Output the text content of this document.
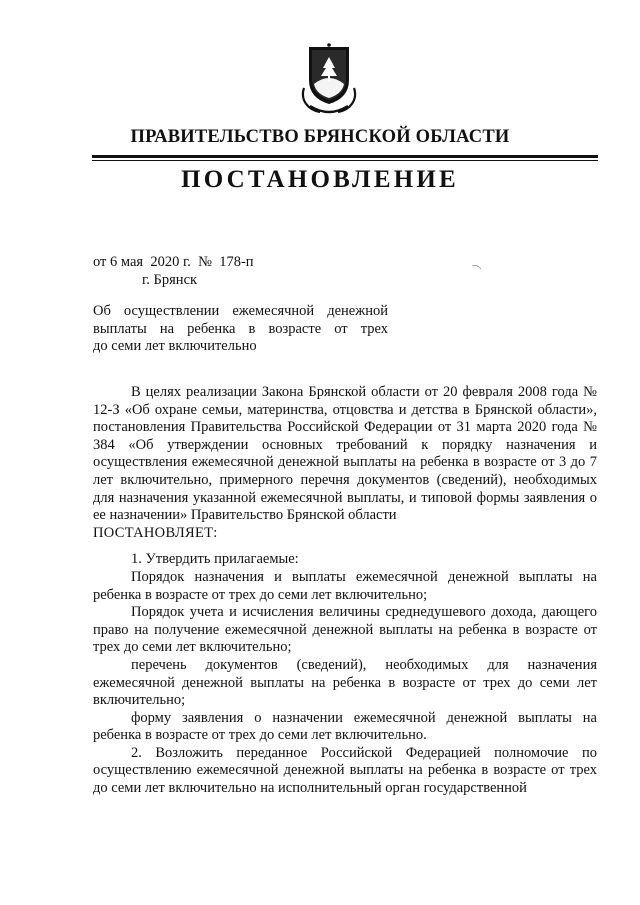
ПРАВИТЕЛЬСТВО БРЯНСКОЙ ОБЛАСТИ
ПОСТАНОВЛЕНИЕ
от 6 мая  2020 г.  №  178-п
г. Брянск
Об осуществлении ежемесячной денежной
выплаты на ребенка в возрасте от трех
до семи лет включительно

В целях реализации Закона Брянской области от 20 февраля 2008 года № 12-З «Об охране семьи, материнства, отцовства и детства в Брянской области», постановления Правительства Российской Федерации от 31 марта 2020 года № 384 «Об утверждении основных требований к порядку назначения и осуществления ежемесячной денежной выплаты на ребенка в возрасте от 3 до 7 лет включительно, примерного перечня документов (сведений), необходимых для назначения указанной ежемесячной выплаты, и типовой формы заявления о ее назначении» Правительство Брянской области

ПОСТАНОВЛЯЕТ:

1. Утвердить прилагаемые:

Порядок назначения и выплаты ежемесячной денежной выплаты на ребенка в возрасте от трех до семи лет включительно;

Порядок учета и исчисления величины среднедушевого дохода, дающего право на получение ежемесячной денежной выплаты на ребенка в возрасте от трех до семи лет включительно;

перечень документов (сведений), необходимых для назначения ежемесячной денежной выплаты на ребенка в возрасте от трех до семи лет включительно;

форму заявления о назначении ежемесячной денежной выплаты на ребенка в возрасте от трех до семи лет включительно.

2. Возложить переданное Российской Федерацией полномочие по осуществлению ежемесячной денежной выплаты на ребенка в возрасте от трех до семи лет включительно на исполнительный орган государственной
